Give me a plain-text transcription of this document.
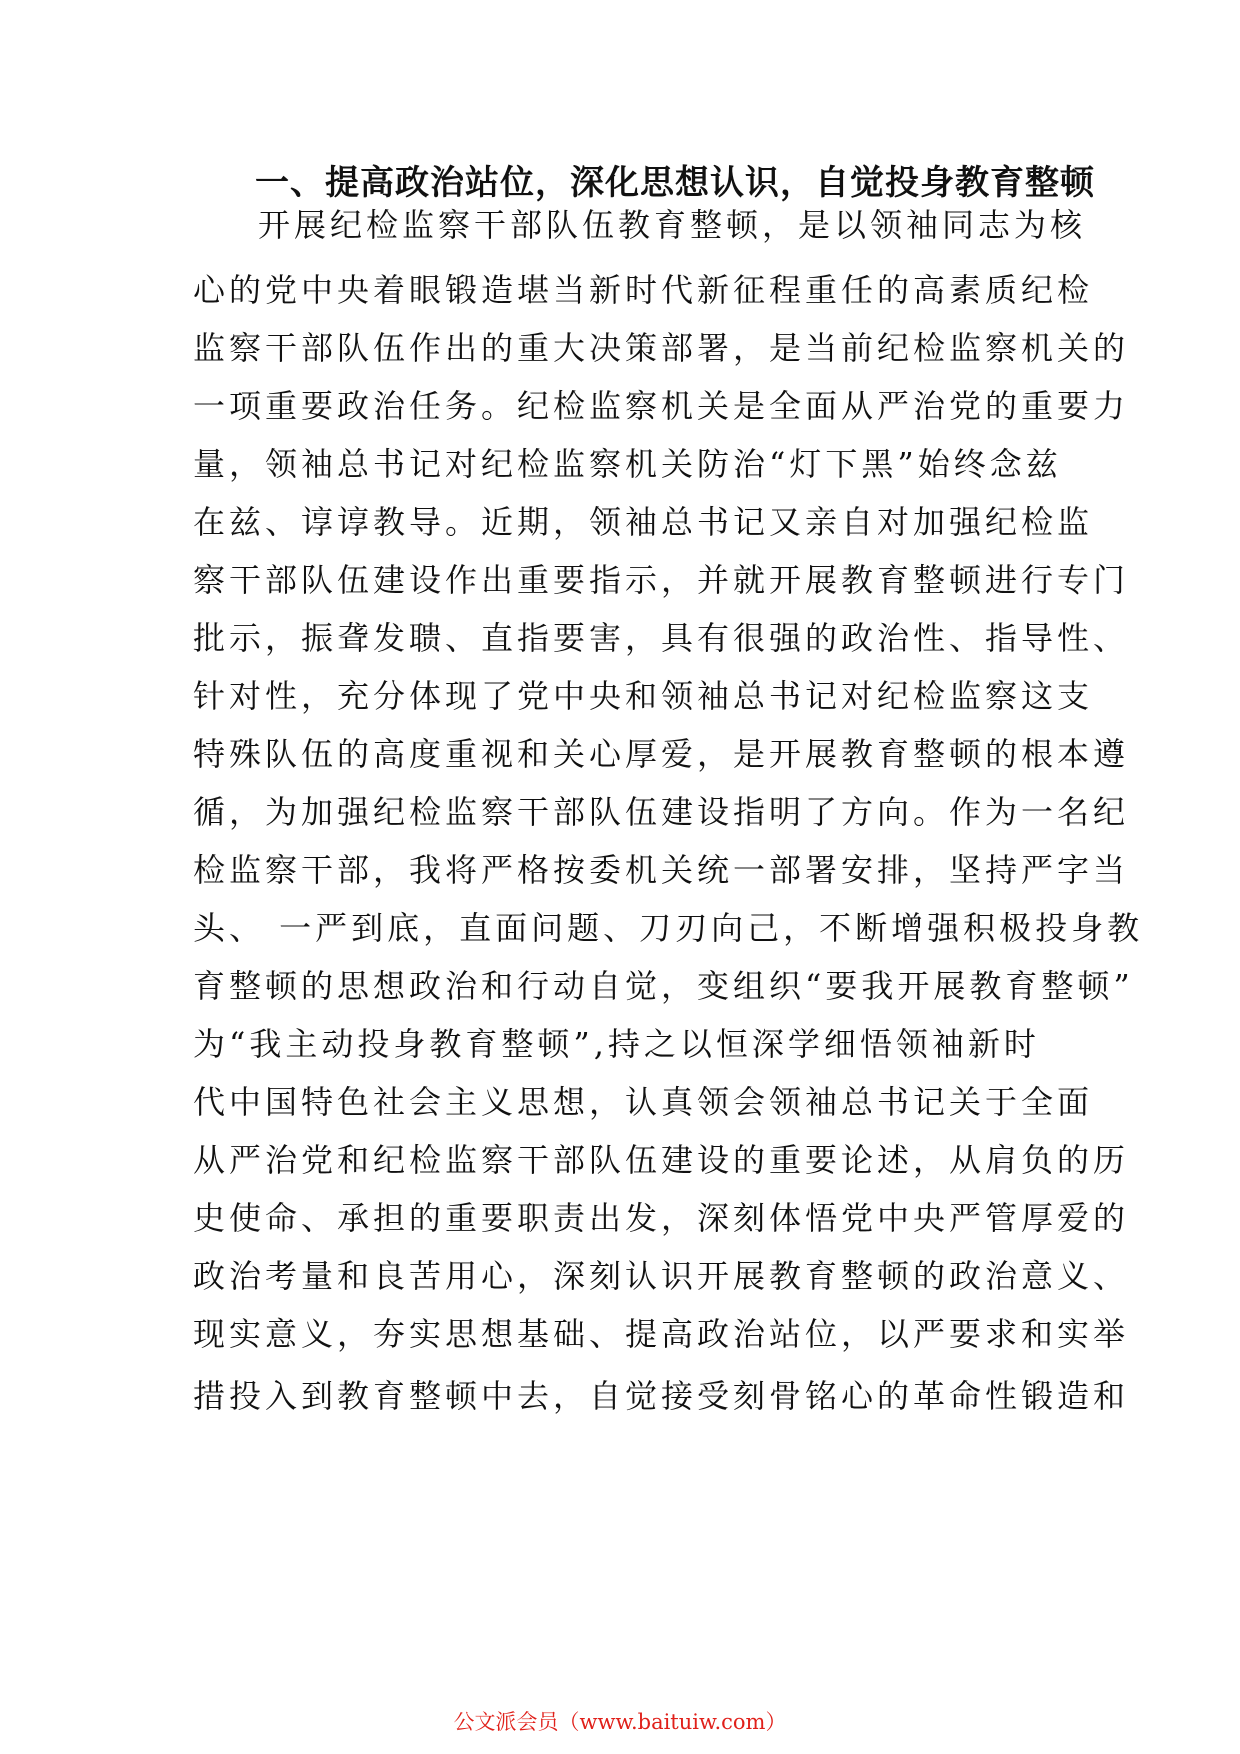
一、提高政治站位，深化思想认识，自觉投身教育整顿
开展纪检监察干部队伍教育整顿，是以领袖同志为核
心的党中央着眼锻造堪当新时代新征程重任的高素质纪检
监察干部队伍作出的重大决策部署，是当前纪检监察机关的
一项重要政治任务。纪检监察机关是全面从严治党的重要力
量，领袖总书记对纪检监察机关防治“灯下黑”始终念兹
在兹、谆谆教导。近期，领袖总书记又亲自对加强纪检监
察干部队伍建设作出重要指示，并就开展教育整顿进行专门
批示，振聋发聩、直指要害，具有很强的政治性、指导性、
针对性，充分体现了党中央和领袖总书记对纪检监察这支
特殊队伍的高度重视和关心厚爱，是开展教育整顿的根本遵
循，为加强纪检监察干部队伍建设指明了方向。作为一名纪
检监察干部，我将严格按委机关统一部署安排，坚持严字当
头、 一严到底，直面问题、刀刃向己，不断增强积极投身教
育整顿的思想政治和行动自觉，变组织“要我开展教育整顿”
为“我主动投身教育整顿”,持之以恒深学细悟领袖新时
代中国特色社会主义思想，认真领会领袖总书记关于全面
从严治党和纪检监察干部队伍建设的重要论述，从肩负的历
史使命、承担的重要职责出发，深刻体悟党中央严管厚爱的
政治考量和良苦用心，深刻认识开展教育整顿的政治意义、
现实意义，夯实思想基础、提高政治站位，以严要求和实举
措投入到教育整顿中去，自觉接受刻骨铭心的革命性锻造和
公文派会员（www.baituiw.com）
